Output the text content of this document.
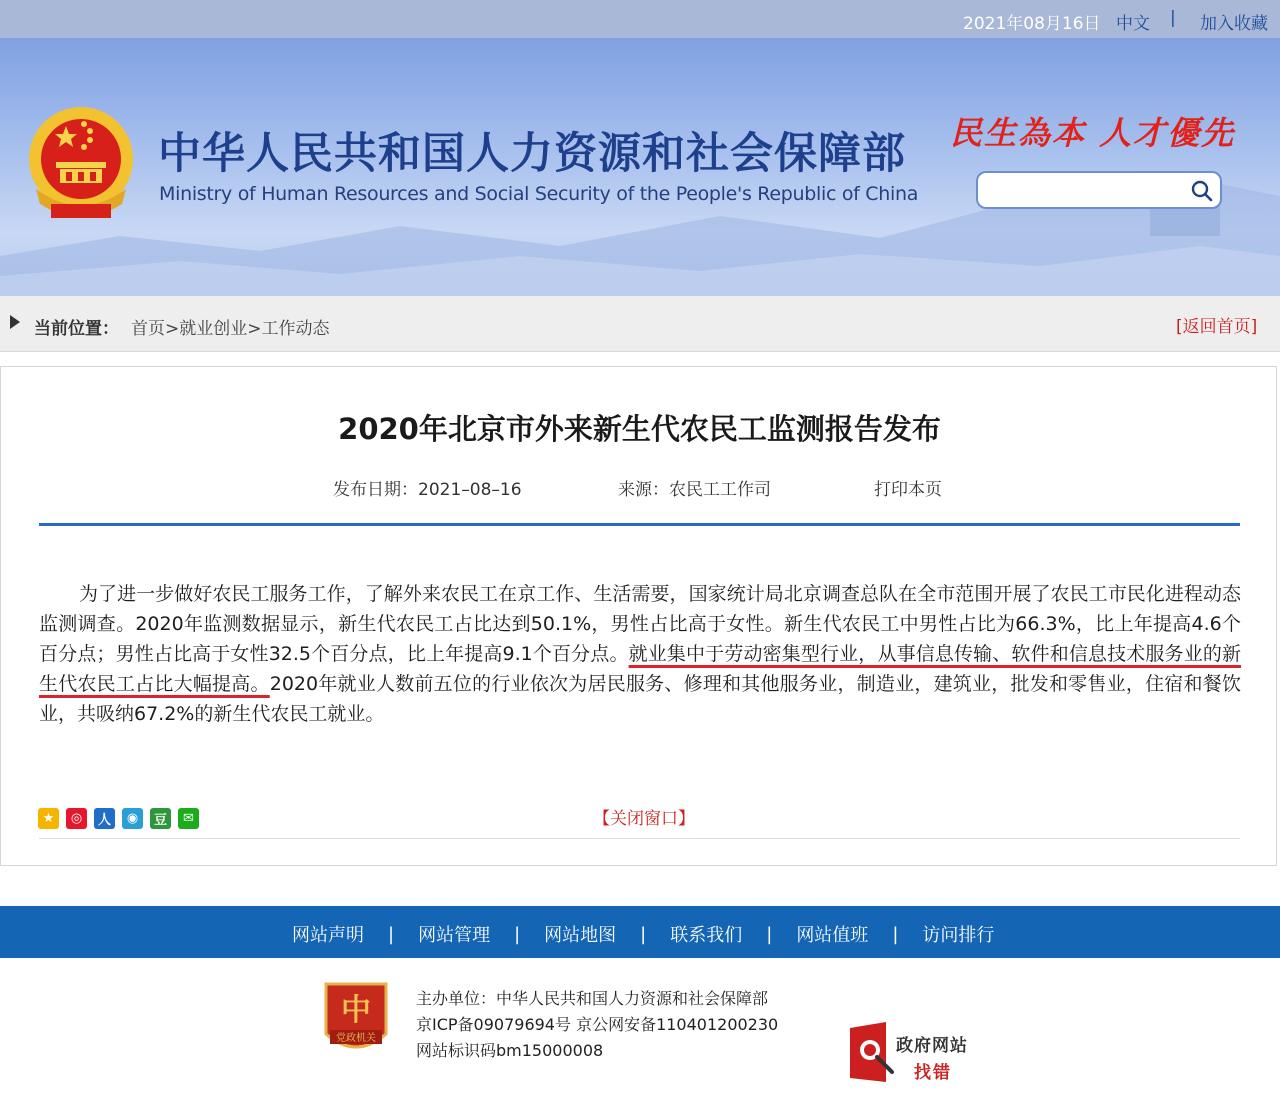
2021年08月16日 中文 | 加入收藏
中华人民共和国人力资源和社会保障部
Ministry of Human Resources and Social Security of the People's Republic of China
民生為本 人才優先
当前位置： 首页>就业创业>工作动态	[返回首页]
2020年北京市外来新生代农民工监测报告发布
发布日期：2021–08–16	来源：农民工工作司	打印本页

为了进一步做好农民工服务工作，了解外来农民工在京工作、生活需要，国家统计局北京调查总队在全市范围开展了农民工市民化进程动态监测调查。2020年监测数据显示，新生代农民工占比达到50.1%，男性占比高于女性。新生代农民工中男性占比为66.3%，比上年提高4.6个百分点；男性占比高于女性32.5个百分点，比上年提高9.1个百分点。就业集中于劳动密集型行业，从事信息传输、软件和信息技术服务业的新生代农民工占比大幅提高。2020年就业人数前五位的行业依次为居民服务、修理和其他服务业，制造业，建筑业，批发和零售业，住宿和餐饮业，共吸纳67.2%的新生代农民工就业。

★	◎	人	◉	豆	✉	【关闭窗口】
网站声明 | 网站管理 | 网站地图 | 联系我们 | 网站值班 | 访问排行
中
党政机关
主办单位：中华人民共和国人力资源和社会保障部
京ICP备09079694号 京公网安备110401200230
网站标识码bm15000008	政府网站
找错
